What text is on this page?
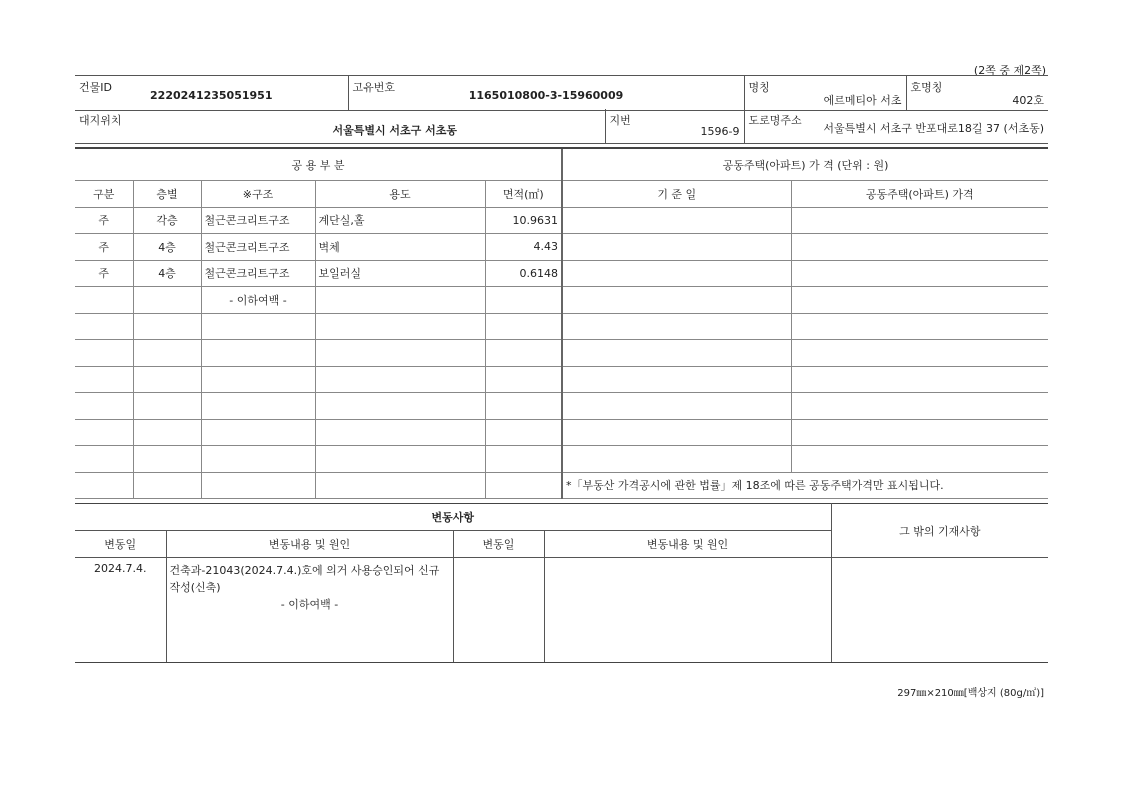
(2쪽 중 제2쪽)
건물ID
2220241235051951

고유번호
1165010800-3-15960009

명칭
에르메티아 서초

호명칭
402호
대지위치
서울특별시 서초구 서초동

지번
1596-9

도로명주소
서울특별시 서초구 반포대로18길 37 (서초동)
공 용 부 분					공동주택(아파트) 가 격 (단위 : 원)	
구분	층별	※구조	용도	면적(㎡)	기 준 일	공동주택(아파트) 가격
주	각층	철근콘크리트구조	계단실,홀	10.9631		
주	4층	철근콘크리트구조	벽체	4.43		
주	4층	철근콘크리트구조	보일러실	0.6148		
		- 이하여백 -				

					*「부동산 가격공시에 관한 법률」제 18조에 따른 공동주택가격만 표시됩니다.	
변동사항				그 밖의 기재사항
변동일	변동내용 및 원인	변동일	변동내용 및 원인	
2024.7.4.	건축과-21043(2024.7.4.)호에 의거 사용승인되어 신규작성(신축)
- 이하여백 -			

297㎜×210㎜[백상지 (80g/㎡)]
